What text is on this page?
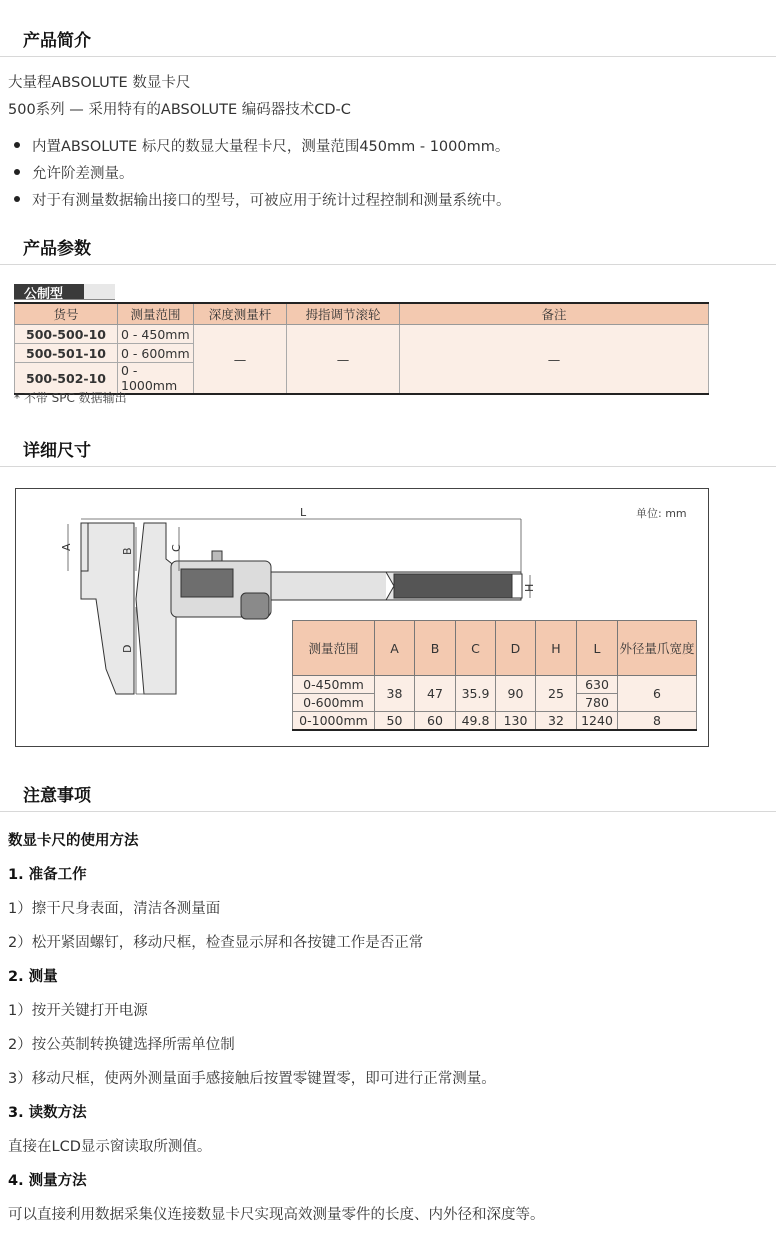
产品简介
大量程ABSOLUTE 数显卡尺
500系列 — 采用特有的ABSOLUTE 编码器技术CD-C
内置ABSOLUTE 标尺的数显大量程卡尺，测量范围450mm - 1000mm。
允许阶差测量。
对于有测量数据输出接口的型号，可被应用于统计过程控制和测量系统中。
产品参数
公制型
货号	测量范围	深度测量杆	拇指调节滚轮	备注
500-500-10	0 - 450mm	—	—	—
500-501-10	0 - 600mm			
500-502-10	0 - 1000mm			
* 不带 SPC 数据输出
详细尺寸
单位: mm
L
A
B	C
D
H
测量范围	A	B	C	D	H	L	外径量爪宽度
0-450mm	38	47	35.9	90	25	630	6
0-600mm						780	
0-1000mm	50	60	49.8	130	32	1240	8
注意事项
数显卡尺的使用方法
1. 准备工作
1）擦干尺身表面，清洁各测量面
2）松开紧固螺钉，移动尺框，检查显示屏和各按键工作是否正常
2. 测量
1）按开关键打开电源
2）按公英制转换键选择所需单位制
3）移动尺框，使两外测量面手感接触后按置零键置零，即可进行正常测量。
3. 读数方法
直接在LCD显示窗读取所测值。
4. 测量方法
可以直接利用数据采集仪连接数显卡尺实现高效测量零件的长度、内外径和深度等。
